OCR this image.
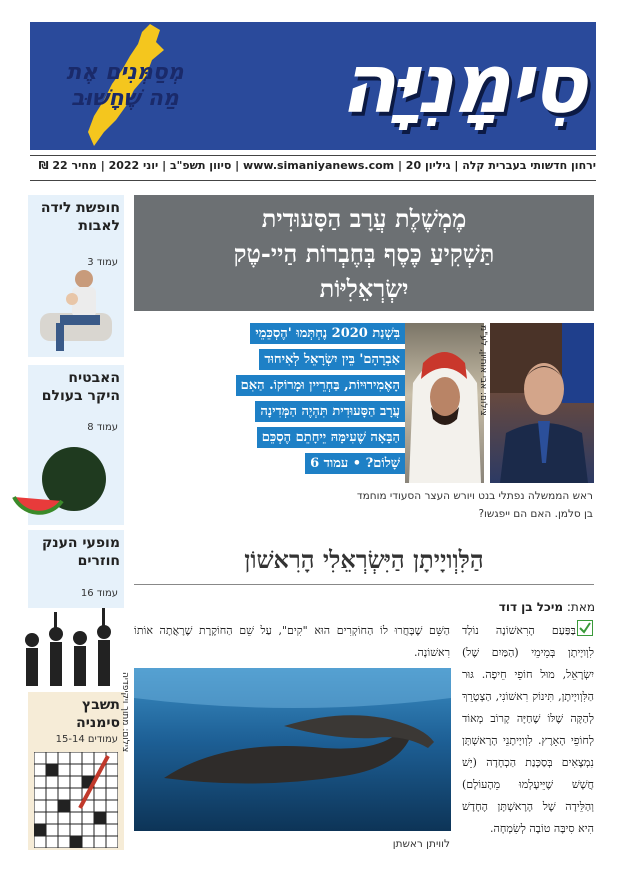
מְסַמְּנִים אֶת
מַה שֶּׁחָשׁוּב	סִימָנִיָּה
ירחון חדשותי בעברית קלה | גיליון 20 | www.simaniyanews.com | סיוון תשפ"ב | יוני 2022 | מחיר 22 ₪
חופשת לידה לאבות
עמוד 3
האבטיח היקר בעולם
עמוד 8
מופעי הענק חוזרים
עמוד 16
תשבץ סימניה
עמודים 15-14
מֶמְשֶׁלֶת עֲרָב הַסָּעוּדִית
תַּשְׁקִיעַ כֶּסֶף בְּחֶבְרוֹת הַיי-טֶק
יִשְׂרְאֵלִיּוֹת
בִּשְׁנַת 2020 נֶחְתְּמוּ 'הֶסְכֵּמֵי
אַבְרָהָם' בֵּין יִשְׂרָאֵל לְאִיחוּד
הָאֶמִירוּיוֹת, בַּחְרֵיין וּמָרוֹקוֹ. הַאִם
עֲרָב הַסָּעוּדִית תִּהְיֶה הַמְּדִינָה
הַבָּאָה שֶׁעִימָּהּ יֵיחָתֵם הֶסְכֵּם
שָׁלוֹם? • עמוד 6
צילום: אבי אוחיון, לע"מ
ראש הממשלה נפתלי בנט ויורש העצר הסעודי מוחמד בן סלמן. האם הם ייפגשו?
הַלִּוְויָיתָן הַיִּשְׂרְאֵלִי הָרִאשׁוֹן
מאת: מיכל בן דוד
בַּפַּעַם הָרִאשׁוֹנָה נוֹלַד לִוְויָיתָן בְּמֵימֵי (הַמַּיִם שֶׁל) יִשְׂרָאֵל, מוּל חוֹפֵי חֵיפָה. גּוּר הַלִּוְויָיתָן, תִּינוֹק רִאשׁוֹנִי, הַצְטָרֵךְ לְהַקָּה שֶׁלּוֹ שֶׁחַיָּה קָרוֹב מְאוֹד לְחוֹפֵי הָאָרֶץ. לִוְויָיתָנֵי הָרָאשְׁתָּן נִמְצָאִים בְּסַכָּנַת הַכְחָדָה (יֵשׁ חֲשָׁשׁ שֶׁיֵּיעָלְמוּ מֵהָעוֹלָם) וְהַלֵּידָה שֶׁל הָרָאשְׁתָּן הֶחָדָשׁ הִיא סִיבָּה טוֹבָה לְשִׂמְחָה.
הַשֵּׁם שֶׁבָּחֲרוּ לוֹ הַחוֹקְרִים הוּא "קִים", עַל שֵׁם הַחוֹקֶרֶת שֶׁרָאֲתָה אוֹתוֹ רִאשׁוֹנָה.
צילום: מתוך ויקיפדיה
לוויתן ראשתן
